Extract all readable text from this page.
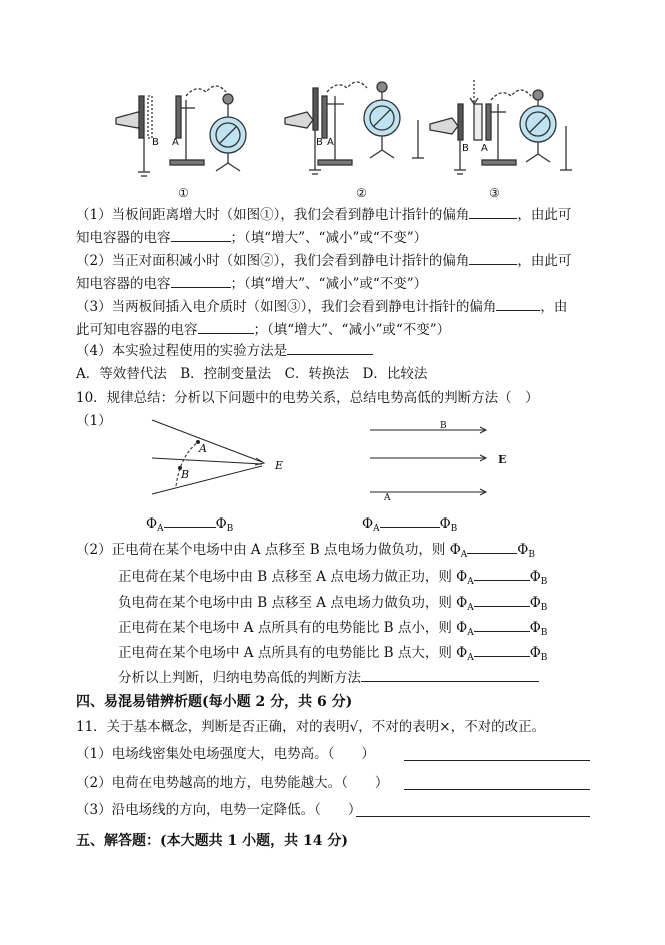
B A	B A
B A
①	②	③
（1）当板间距离增大时（如图①），我们会看到静电计指针的偏角	，由此可
知电容器的电容	；（填“增大”、“减小”或“不变”）
（2）当正对面积减小时（如图②），我们会看到静电计指针的偏角	，由此可
知电容器的电容	；（填“增大”、“减小”或“不变”）
（3）当两板间插入电介质时（如图③），我们会看到静电计指针的偏角	，由
此可知电容器的电容	；（填“增大”、“减小”或“不变”）
（4）本实验过程使用的实验方法是
A．等效替代法　B．控制变量法　C．转换法　D．比较法
10．规律总结：分析以下问题中的电势关系，总结电势高低的判断方法（　）
（1）
A
B
E
B
A
E
$\Phi_A$	$\Phi_B$	$\Phi_A$	$\Phi_B$
（2）正电荷在某个电场中由 A 点移至 B 点电场力做负功，则 $\Phi_A$	$\Phi_B$
正电荷在某个电场中由 B 点移至 A 点电场力做正功，则 $\Phi_A$	$\Phi_B$
负电荷在某个电场中由 B 点移至 A 点电场力做负功，则 $\Phi_A$	$\Phi_B$
正电荷在某个电场中 A 点所具有的电势能比 B 点小，则 $\Phi_A$	$\Phi_B$
正电荷在某个电场中 A 点所具有的电势能比 B 点大，则 $\Phi_A$	$\Phi_B$
分析以上判断，归纳电势高低的判断方法
四、易混易错辨析题(每小题 2 分，共 6 分)
11．关于基本概念，判断是否正确，对的表明√，不对的表明×，不对的改正。
（1）电场线密集处电场强度大，电势高。（　　）
（2）电荷在电势越高的地方，电势能越大。（　　）
（3）沿电场线的方向，电势一定降低。（　　）
五、解答题：(本大题共 1 小题，共 14 分)
